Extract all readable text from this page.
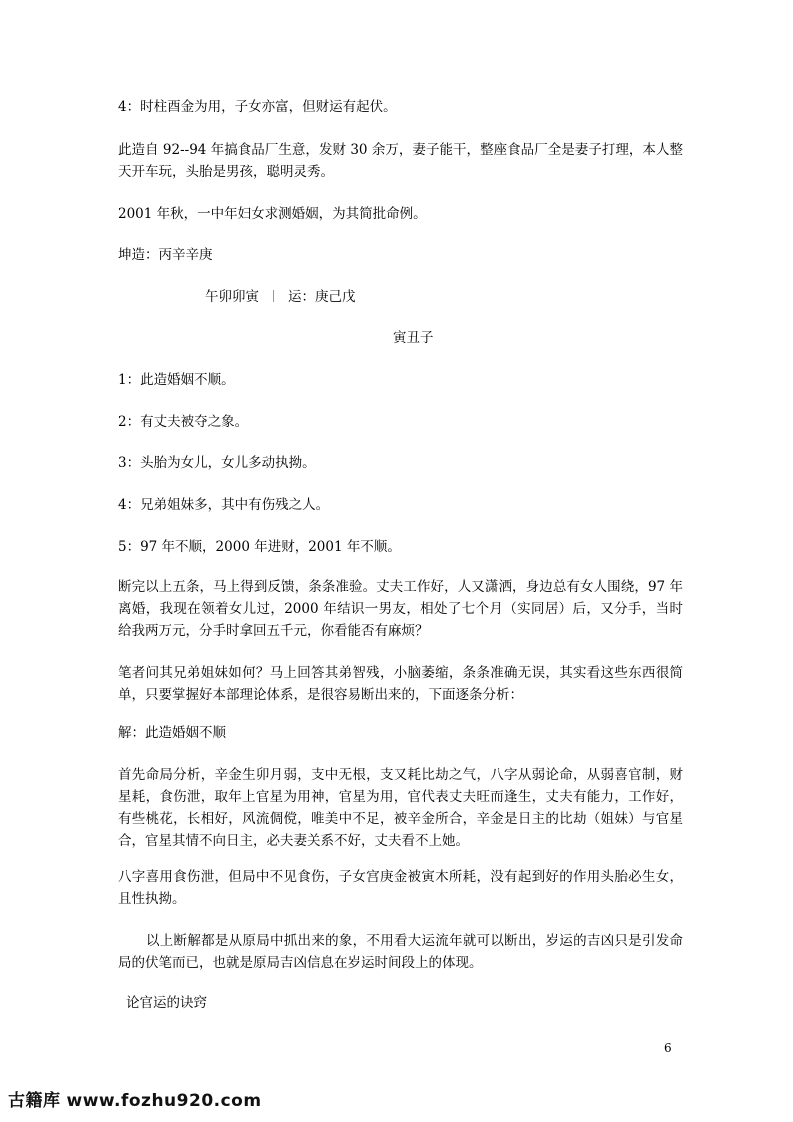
4：时柱酉金为用，子女亦富，但财运有起伏。

此造自 92--94 年搞食品厂生意，发财 30 余万，妻子能干，整座食品厂全是妻子打理，本人整天开车玩，头胎是男孩，聪明灵秀。

2001 年秋，一中年妇女求测婚姻，为其简批命例。

坤造：丙辛辛庚

午卯卯寅 运：庚己戊

寅丑子

1：此造婚姻不顺。

2：有丈夫被夺之象。

3：头胎为女儿，女儿多动执拗。

4：兄弟姐妹多，其中有伤残之人。

5：97 年不顺，2000 年进财，2001 年不顺。

断完以上五条，马上得到反馈，条条准验。丈夫工作好，人又潇洒，身边总有女人围绕，97 年离婚，我现在领着女儿过，2000 年结识一男友，相处了七个月（实同居）后，又分手，当时给我两万元，分手时拿回五千元，你看能否有麻烦？

笔者问其兄弟姐妹如何？马上回答其弟智残，小脑萎缩，条条准确无误，其实看这些东西很简单，只要掌握好本部理论体系，是很容易断出来的，下面逐条分析：

解：此造婚姻不顺

首先命局分析，辛金生卯月弱，支中无根，支又耗比劫之气，八字从弱论命，从弱喜官制，财星耗，食伤泄，取年上官星为用神，官星为用，官代表丈夫旺而逢生，丈夫有能力，工作好，有些桃花，长相好，风流倜傥，唯美中不足，被辛金所合，辛金是日主的比劫（姐妹）与官星合，官星其情不向日主，必夫妻关系不好，丈夫看不上她。

八字喜用食伤泄，但局中不见食伤，子女宫庚金被寅木所耗，没有起到好的作用头胎必生女，且性执拗。

以上断解都是从原局中抓出来的象，不用看大运流年就可以断出，岁运的吉凶只是引发命局的伏笔而已，也就是原局吉凶信息在岁运时间段上的体现。

论官运的诀窍

6
古籍库 www.fozhu920.com
